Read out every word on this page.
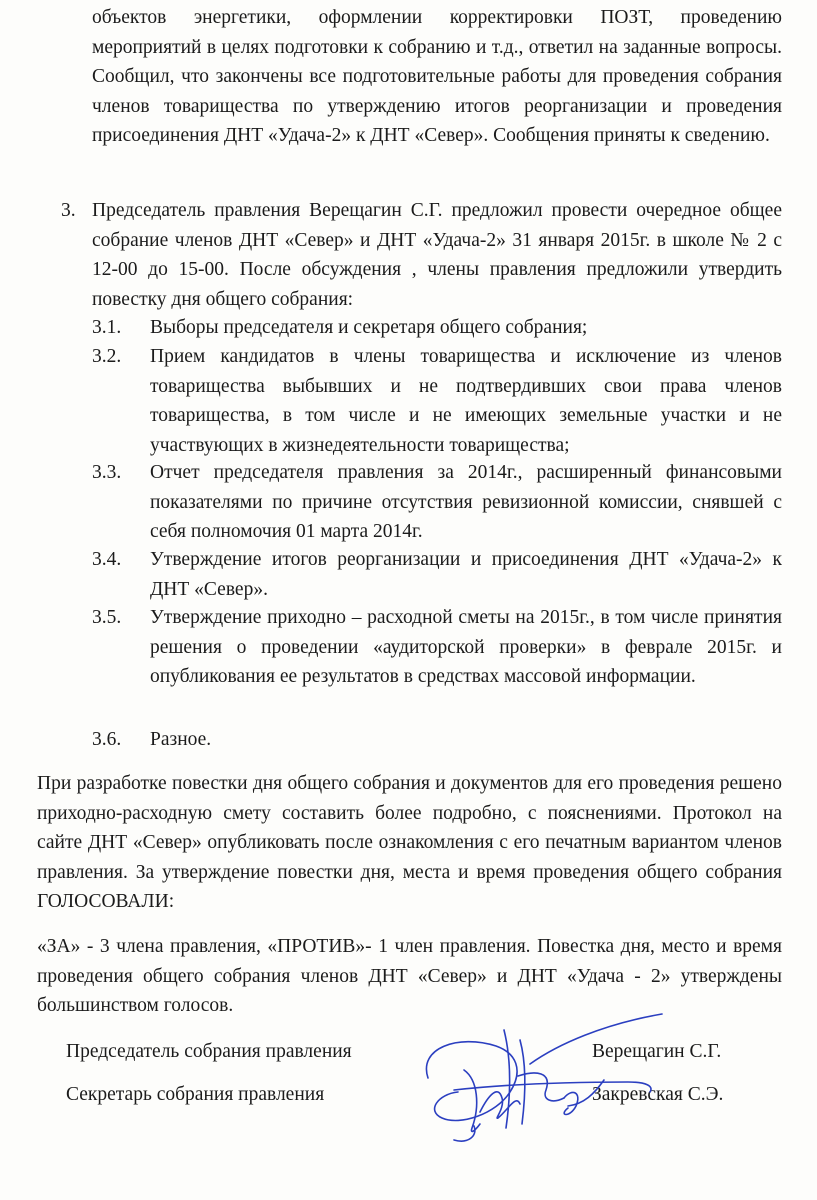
объектов энергетики, оформлении корректировки ПОЗТ, проведению мероприятий в целях подготовки к собранию и т.д., ответил на заданные вопросы. Сообщил, что закончены все подготовительные работы для проведения собрания членов товарищества по утверждению итогов реорганизации и проведения присоединения ДНТ «Удача-2» к ДНТ «Север». Сообщения приняты к сведению.

3. Председатель правления Верещагин С.Г. предложил провести очередное общее собрание членов ДНТ «Север» и ДНТ «Удача-2» 31 января 2015г. в школе № 2 с 12-00 до 15-00. После обсуждения , члены правления предложили утвердить повестку дня общего собрания:

3.1. Выборы председателя и секретаря общего собрания;

3.2. Прием кандидатов в члены товарищества и исключение из членов товарищества выбывших и не подтвердивших свои права членов товарищества, в том числе и не имеющих земельные участки и не участвующих в жизнедеятельности товарищества;

3.3. Отчет председателя правления за 2014г., расширенный финансовыми показателями по причине отсутствия ревизионной комиссии, снявшей с себя полномочия 01 марта 2014г.

3.4. Утверждение итогов реорганизации и присоединения ДНТ «Удача-2» к ДНТ «Север».

3.5. Утверждение приходно – расходной сметы на 2015г., в том числе принятия решения о проведении «аудиторской проверки» в феврале 2015г. и опубликования ее результатов в средствах массовой информации.

3.6. Разное.

При разработке повестки дня общего собрания и документов для его проведения решено приходно-расходную смету составить более подробно, с пояснениями. Протокол на сайте ДНТ «Север» опубликовать после ознакомления с его печатным вариантом членов правления. За утверждение повестки дня, места и время проведения общего собрания ГОЛОСОВАЛИ:

«ЗА» - 3 члена правления, «ПРОТИВ»- 1 член правления. Повестка дня, место и время проведения общего собрания членов ДНТ «Север» и ДНТ «Удача - 2» утверждены большинством голосов.

Председатель собрания правления	Верещагин С.Г.
Секретарь собрания правления	Закревская С.Э.
